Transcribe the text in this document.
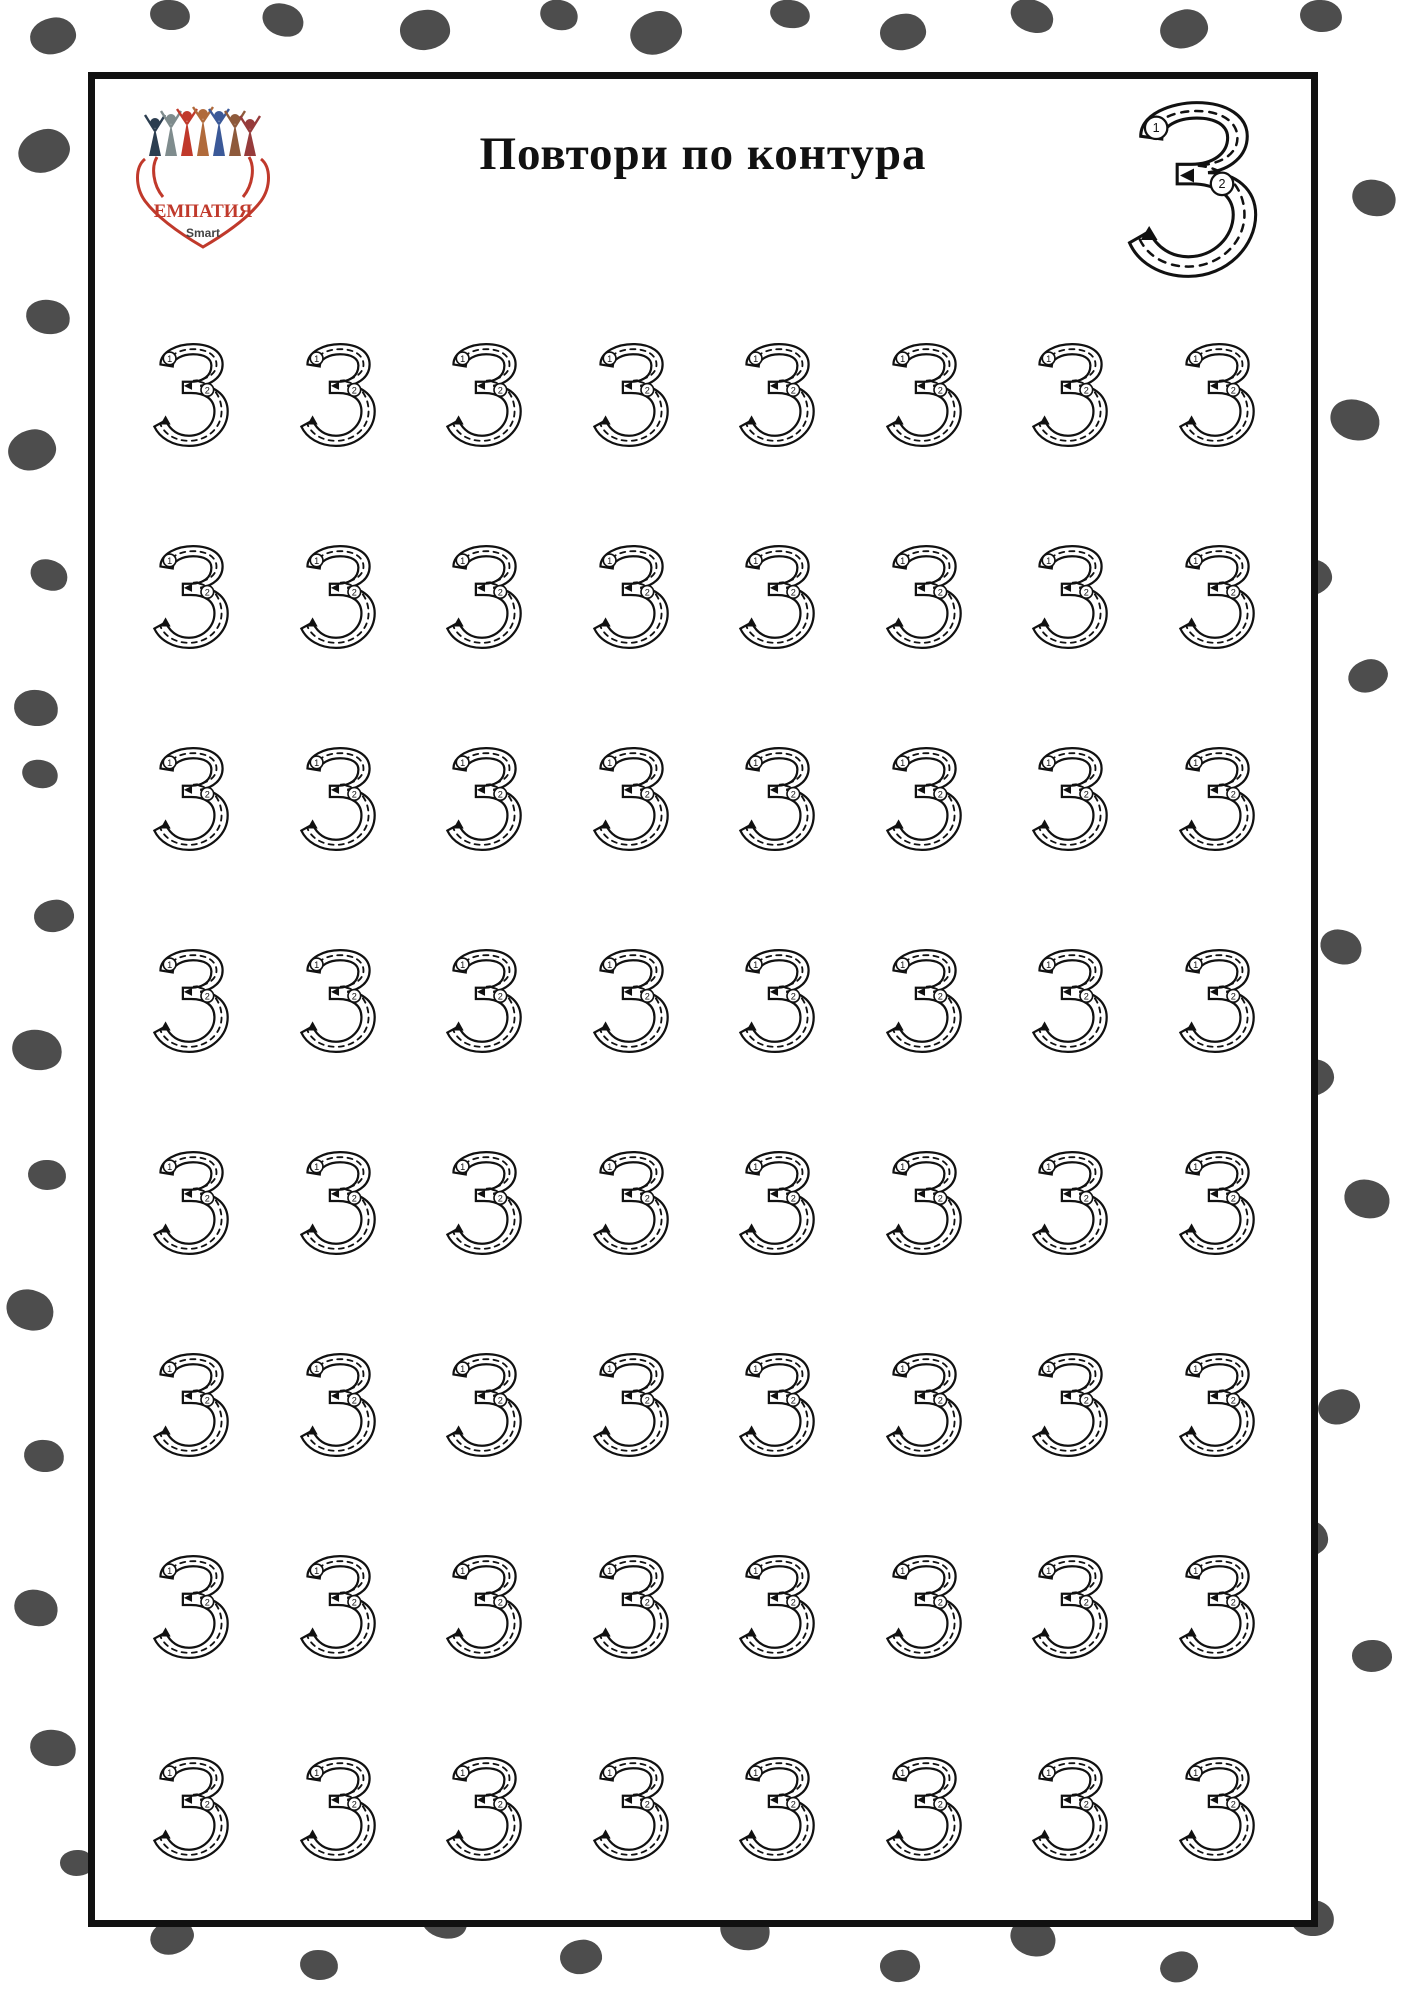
ЕМПАТИЯ
Smart
Повтори по контура
1
2
1
2
1
2
1
2
1
2
1
2
1
2
1
2
1
2
1
2
1
2
1
2
1
2
1
2
1
2
1
2
1
2
1
2
1
2
1
2
1
2
1
2
1
2
1
2
1
2
1
2
1
2
1
2
1
2
1
2
1
2
1
2
1
2
1
2
1
2
1
2
1
2
1
2
1
2
1
2
1
2
1
2
1
2
1
2
1
2
1
2
1
2
1
2
1
2
1
2
1
2
1
2
1
2
1
2
1
2
1
2
1
2
1
2
1
2
1
2
1
2
1
2
1
2
1
2
1
2
